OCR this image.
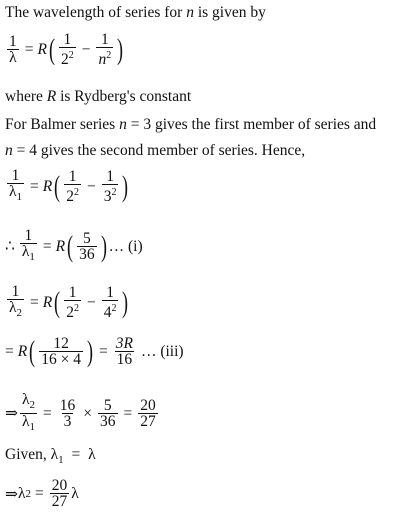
The wavelength of series for n is given by
$\frac{1}{\lambda} = R$ ( $\frac{1}{2^2} - \frac{1}{n^2}$ )
where R is Rydberg's constant
For Balmer series n = 3 gives the first member of series and
n = 4 gives the second member of series. Hence,
$\frac{1}{\lambda_1} = R$ ( $\frac{1}{2^2} - \frac{1}{3^2}$ )
∴ $\frac{1}{\lambda_1} = R$ ( $\frac{5}{36}$ ) … (i)
$\frac{1}{\lambda_2} = R$ ( $\frac{1}{2^2} - \frac{1}{4^2}$ )
= R ( $\frac{12}{16 \times 4}$ ) = $\frac{3R}{16}$ … (iii)
⇒ $\frac{\lambda_2}{\lambda_1} = \frac{16}{3} \times \frac{5}{36} = \frac{20}{27}$
Given, $\lambda_1 = \lambda$
⇒ λ $2 = \frac{20}{27}$ λ
